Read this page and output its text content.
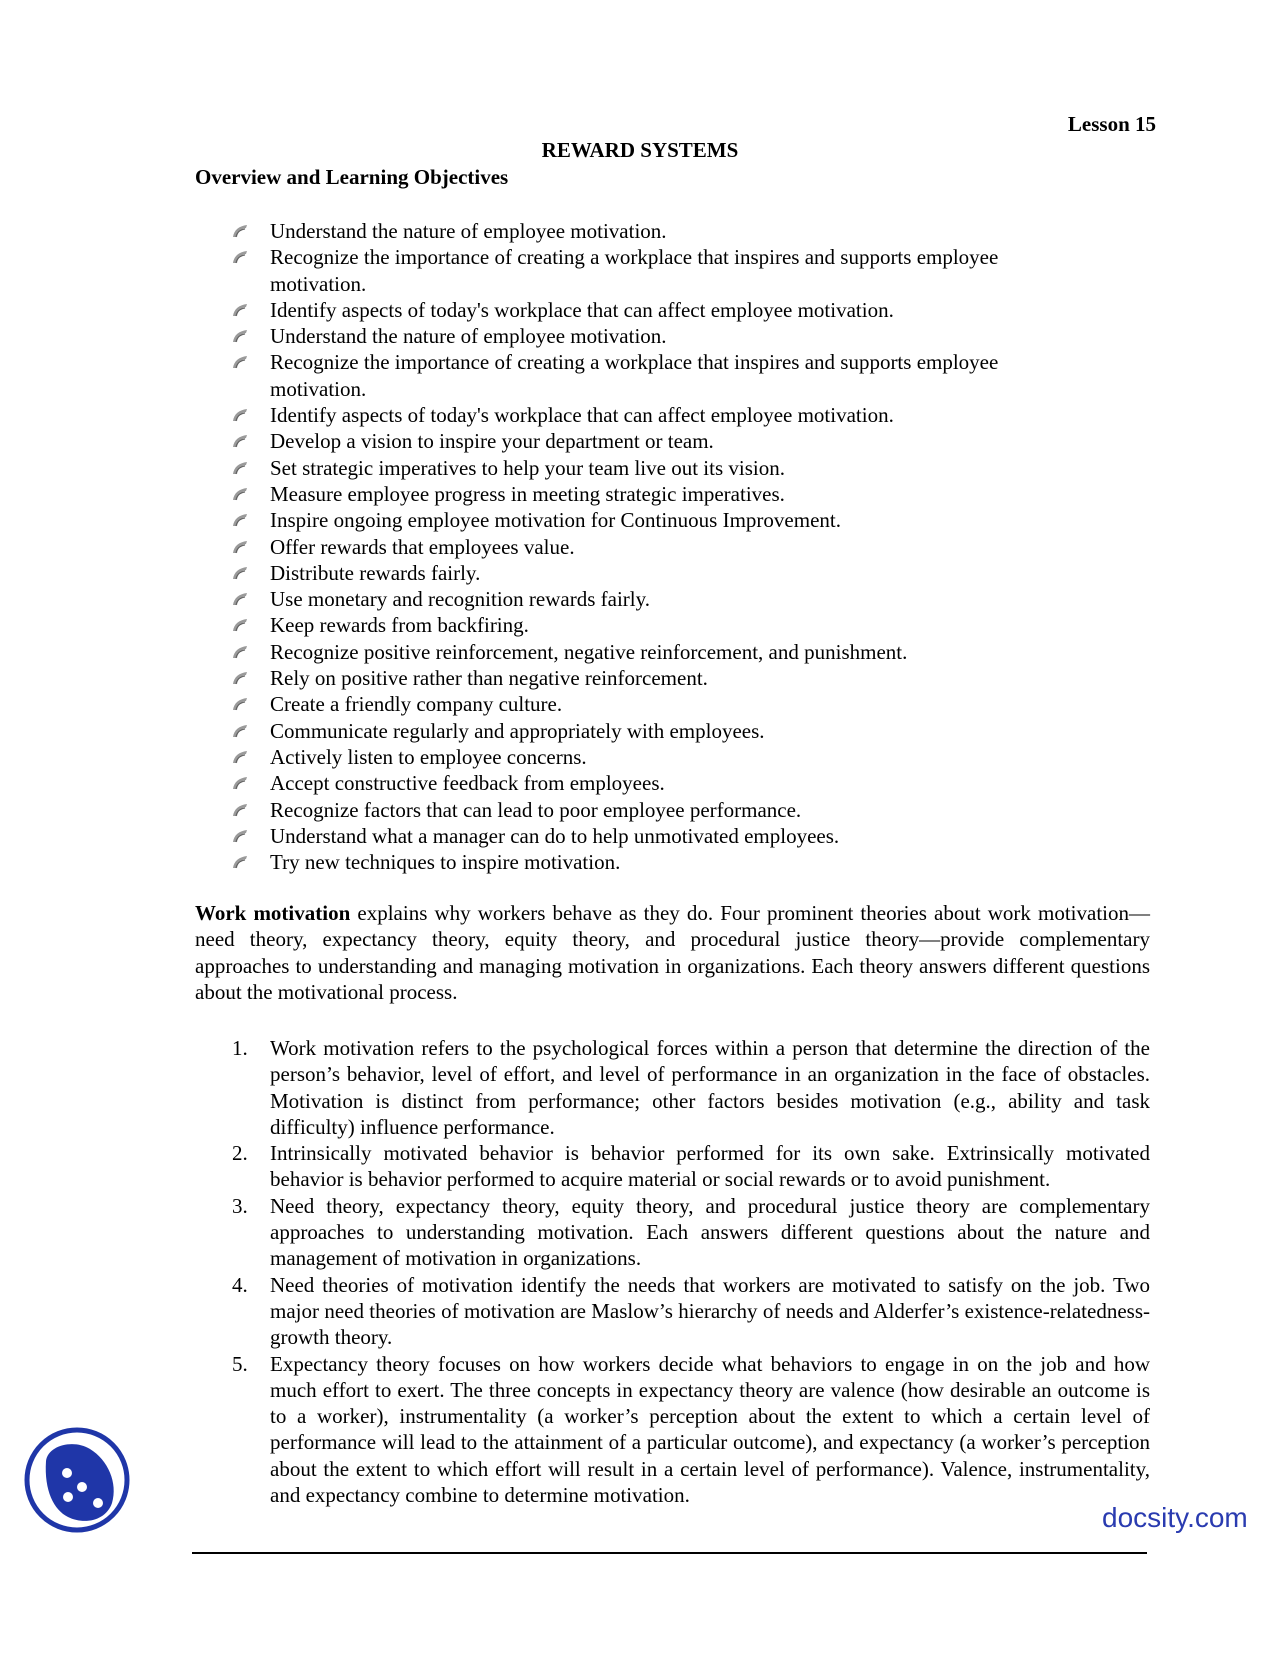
Lesson 15
REWARD SYSTEMS
Overview and Learning Objectives
Understand the nature of employee motivation.
Recognize the importance of creating a workplace that inspires and supports employee motivation.
Identify aspects of today's workplace that can affect employee motivation.
Understand the nature of employee motivation.
Recognize the importance of creating a workplace that inspires and supports employee motivation.
Identify aspects of today's workplace that can affect employee motivation.
Develop a vision to inspire your department or team.
Set strategic imperatives to help your team live out its vision.
Measure employee progress in meeting strategic imperatives.
Inspire ongoing employee motivation for Continuous Improvement.
Offer rewards that employees value.
Distribute rewards fairly.
Use monetary and recognition rewards fairly.
Keep rewards from backfiring.
Recognize positive reinforcement, negative reinforcement, and punishment.
Rely on positive rather than negative reinforcement.
Create a friendly company culture.
Communicate regularly and appropriately with employees.
Actively listen to employee concerns.
Accept constructive feedback from employees.
Recognize factors that can lead to poor employee performance.
Understand what a manager can do to help unmotivated employees.
Try new techniques to inspire motivation.

Work motivation explains why workers behave as they do. Four prominent theories about work motivation—need theory, expectancy theory, equity theory, and procedural justice theory—provide complementary approaches to understanding and managing motivation in organizations. Each theory answers different questions about the motivational process.

1. Work motivation refers to the psychological forces within a person that determine the direction of the person’s behavior, level of effort, and level of performance in an organization in the face of obstacles. Motivation is distinct from performance; other factors besides motivation (e.g., ability and task difficulty) influence performance.
2. Intrinsically motivated behavior is behavior performed for its own sake. Extrinsically motivated behavior is behavior performed to acquire material or social rewards or to avoid punishment.
3. Need theory, expectancy theory, equity theory, and procedural justice theory are complementary approaches to understanding motivation. Each answers different questions about the nature and management of motivation in organizations.
4. Need theories of motivation identify the needs that workers are motivated to satisfy on the job. Two major need theories of motivation are Maslow’s hierarchy of needs and Alderfer’s existence-relatedness-growth theory.
5. Expectancy theory focuses on how workers decide what behaviors to engage in on the job and how much effort to exert. The three concepts in expectancy theory are valence (how desirable an outcome is to a worker), instrumentality (a worker’s perception about the extent to which a certain level of performance will lead to the attainment of a particular outcome), and expectancy (a worker’s perception about the extent to which effort will result in a certain level of performance). Valence, instrumentality, and expectancy combine to determine motivation.
docsity.com
